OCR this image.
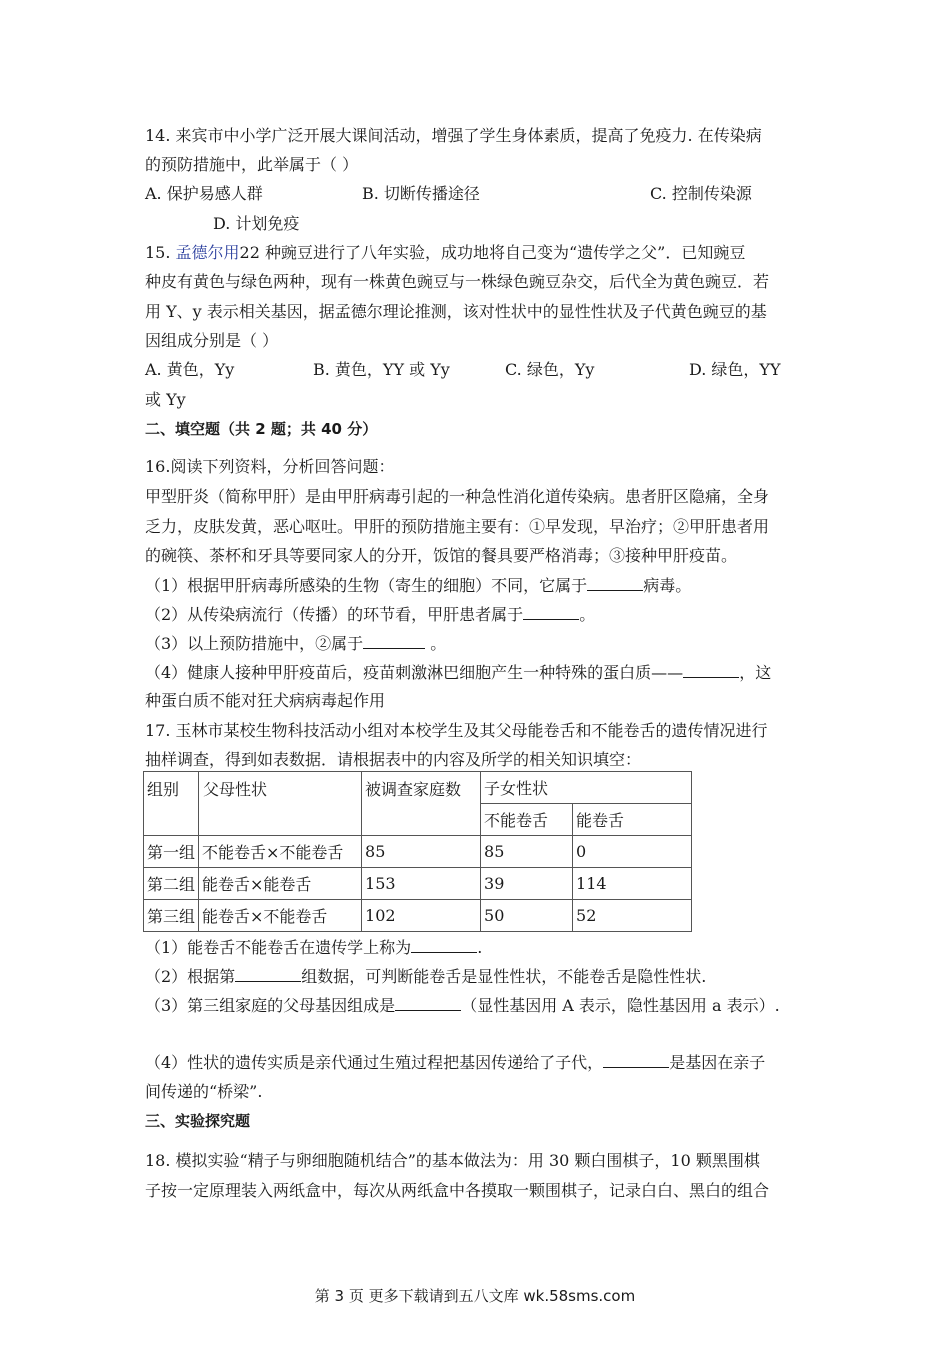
14. 来宾市中小学广泛开展大课间活动，增强了学生身体素质，提高了免疫力. 在传染病
的预防措施中，此举属于（ ）
A. 保护易感人群	B. 切断传播途径	C. 控制传染源
D. 计划免疫
15. 孟德尔用22 种豌豆进行了八年实验，成功地将自己变为“遗传学之父”．已知豌豆
种皮有黄色与绿色两种，现有一株黄色豌豆与一株绿色豌豆杂交，后代全为黄色豌豆．若
用 Y、y 表示相关基因，据孟德尔理论推测，该对性状中的显性性状及子代黄色豌豆的基
因组成分别是（ ）
A. 黄色，Yy	B. 黄色，YY 或 Yy	C. 绿色，Yy	D. 绿色，YY
或 Yy
二、填空题（共 2 题；共 40 分）
16.阅读下列资料，分析回答问题：
甲型肝炎（简称甲肝）是由甲肝病毒引起的一种急性消化道传染病。患者肝区隐痛，全身
乏力，皮肤发黄，恶心呕吐。甲肝的预防措施主要有：①早发现，早治疗；②甲肝患者用
的碗筷、茶杯和牙具等要同家人的分开，饭馆的餐具要严格消毒；③接种甲肝疫苗。
（1）根据甲肝病毒所感染的生物（寄生的细胞）不同，它属于	病毒。
（2）从传染病流行（传播）的环节看，甲肝患者属于	。
（3）以上预防措施中，②属于	。
（4）健康人接种甲肝疫苗后，疫苗刺激淋巴细胞产生一种特殊的蛋白质——	，这
种蛋白质不能对狂犬病病毒起作用
17. 玉林市某校生物科技活动小组对本校学生及其父母能卷舌和不能卷舌的遗传情况进行
抽样调查，得到如表数据．请根据表中的内容及所学的相关知识填空：
组别	父母性状	被调查家庭数	子女性状	
			不能卷舌	能卷舌
第一组	不能卷舌×不能卷舌	85	85	0
第二组	能卷舌×能卷舌	153	39	114
第三组	能卷舌×不能卷舌	102	50	52
（1）能卷舌不能卷舌在遗传学上称为	.
（2）根据第	组数据，可判断能卷舌是显性性状，不能卷舌是隐性性状.
（3）第三组家庭的父母基因组成是	（显性基因用 A 表示，隐性基因用 a 表示）.
（4）性状的遗传实质是亲代通过生殖过程把基因传递给了子代，	是基因在亲子
间传递的“桥梁”.
三、实验探究题
18. 模拟实验“精子与卵细胞随机结合”的基本做法为：用 30 颗白围棋子，10 颗黑围棋
子按一定原理装入两纸盒中，每次从两纸盒中各摸取一颗围棋子，记录白白、黑白的组合
第 3 页 更多下载请到五八文库 wk.58sms.com
